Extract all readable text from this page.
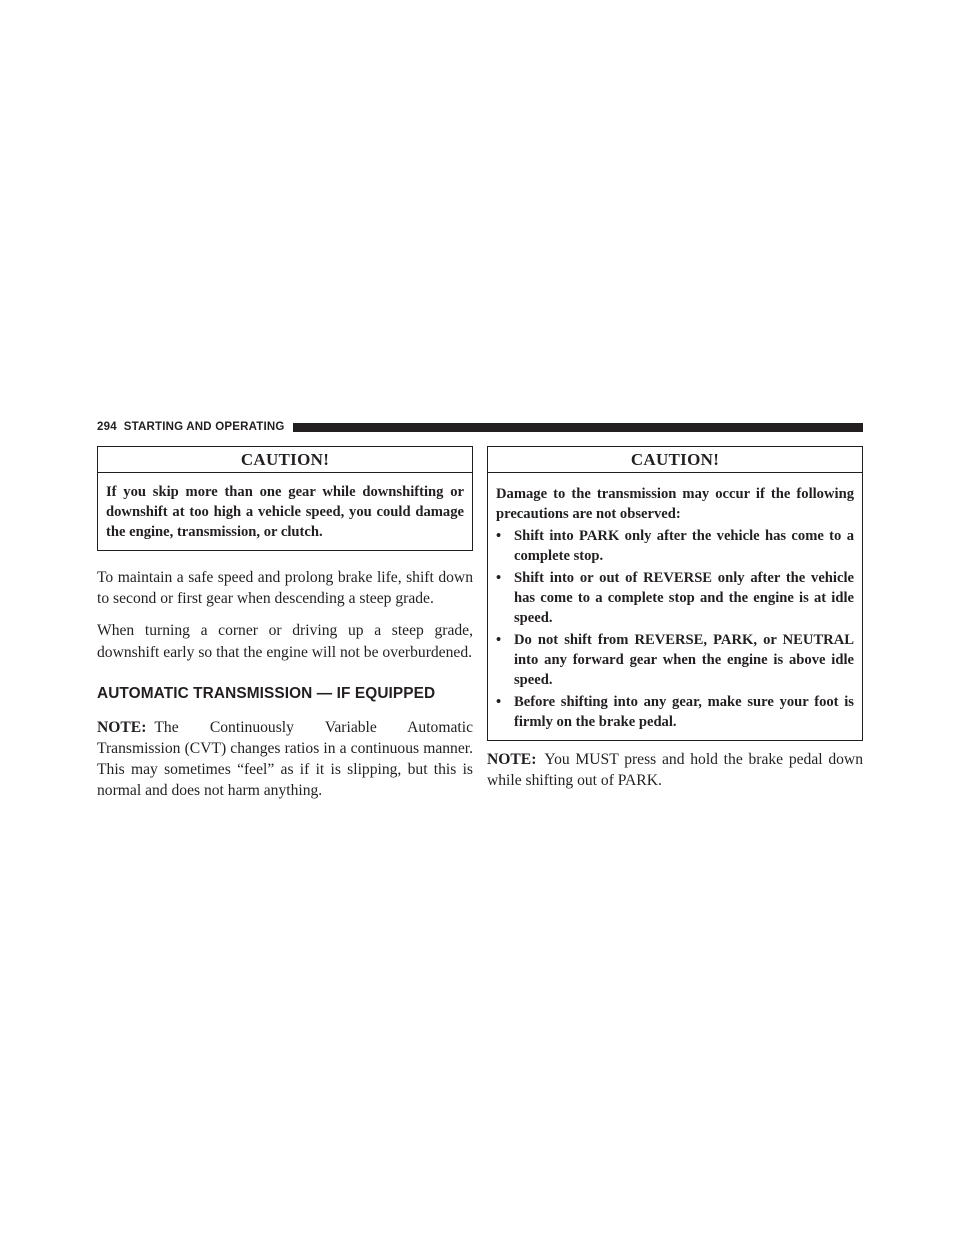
294 STARTING AND OPERATING
CAUTION!
If you skip more than one gear while downshifting or downshift at too high a vehicle speed, you could damage the engine, transmission, or clutch.

To maintain a safe speed and prolong brake life, shift down to second or first gear when descending a steep grade.

When turning a corner or driving up a steep grade, downshift early so that the engine will not be overburdened.

AUTOMATIC TRANSMISSION — IF EQUIPPED

NOTE: The Continuously Variable Automatic Transmission (CVT) changes ratios in a continuous manner. This may sometimes “feel” as if it is slipping, but this is normal and does not harm anything.

CAUTION!
Damage to the transmission may occur if the following precautions are not observed:
• Shift into PARK only after the vehicle has come to a complete stop.
• Shift into or out of REVERSE only after the vehicle has come to a complete stop and the engine is at idle speed.
• Do not shift from REVERSE, PARK, or NEUTRAL into any forward gear when the engine is above idle speed.
• Before shifting into any gear, make sure your foot is firmly on the brake pedal.

NOTE: You MUST press and hold the brake pedal down while shifting out of PARK.
